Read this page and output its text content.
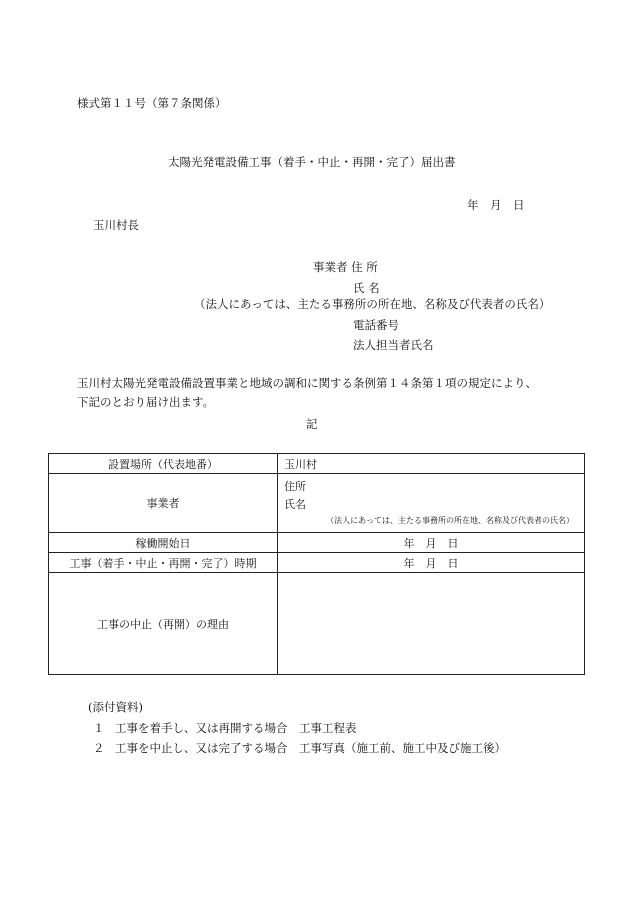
様式第１１号（第７条関係）
太陽光発電設備工事（着手・中止・再開・完了）届出書
年　月　日
玉川村長
事業者 住 所
氏 名
（法人にあっては、主たる事務所の所在地、名称及び代表者の氏名）
電話番号
法人担当者氏名
玉川村太陽光発電設備設置事業と地域の調和に関する条例第１４条第１項の規定により、
下記のとおり届け出ます。
記
設置場所（代表地番）	玉川村
事業者	住所
氏名
（法人にあっては、主たる事務所の所在地、名称及び代表者の氏名）

稼働開始日	年　月　日
工事（着手・中止・再開・完了）時期	年　月　日
工事の中止（再開）の理由	
(添付資料)
１ 工事を着手し、又は再開する場合　工事工程表
２ 工事を中止し、又は完了する場合　工事写真（施工前、施工中及び施工後）
